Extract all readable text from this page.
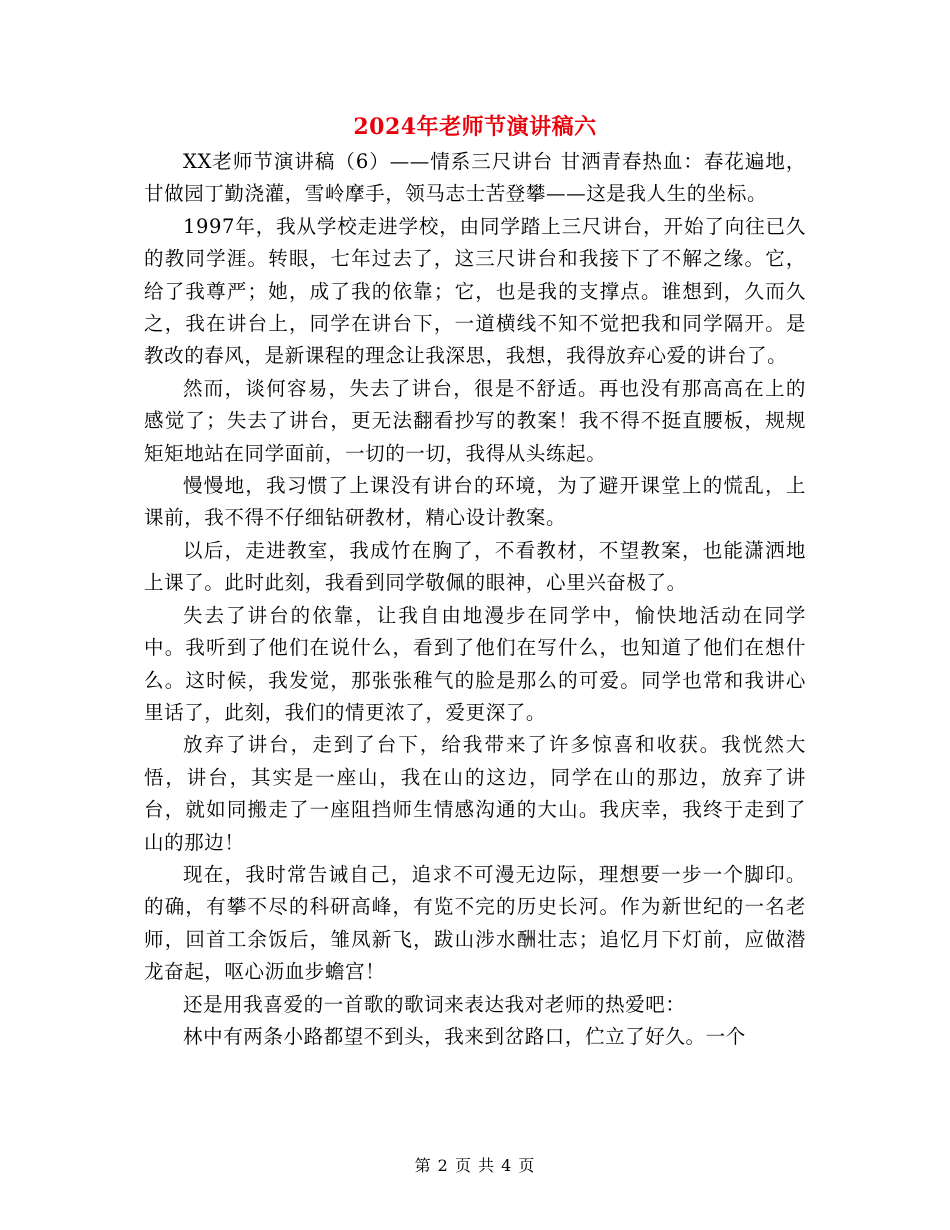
2024年老师节演讲稿六

XX老师节演讲稿（6）——情系三尺讲台 甘洒青春热血：春花遍地，甘做园丁勤浇灌，雪岭摩手，领马志士苦登攀——这是我人生的坐标。

1997年，我从学校走进学校，由同学踏上三尺讲台，开始了向往已久的教同学涯。转眼，七年过去了，这三尺讲台和我接下了不解之缘。它，给了我尊严；她，成了我的依靠；它，也是我的支撑点。谁想到，久而久之，我在讲台上，同学在讲台下，一道横线不知不觉把我和同学隔开。是教改的春风，是新课程的理念让我深思，我想，我得放弃心爱的讲台了。

然而，谈何容易，失去了讲台，很是不舒适。再也没有那高高在上的感觉了；失去了讲台，更无法翻看抄写的教案！我不得不挺直腰板，规规矩矩地站在同学面前，一切的一切，我得从头练起。

慢慢地，我习惯了上课没有讲台的环境，为了避开课堂上的慌乱，上课前，我不得不仔细钻研教材，精心设计教案。

以后，走进教室，我成竹在胸了，不看教材，不望教案，也能潇洒地上课了。此时此刻，我看到同学敬佩的眼神，心里兴奋极了。

失去了讲台的依靠，让我自由地漫步在同学中，愉快地活动在同学中。我听到了他们在说什么，看到了他们在写什么，也知道了他们在想什么。这时候，我发觉，那张张稚气的脸是那么的可爱。同学也常和我讲心里话了，此刻，我们的情更浓了，爱更深了。

放弃了讲台，走到了台下，给我带来了许多惊喜和收获。我恍然大悟，讲台，其实是一座山，我在山的这边，同学在山的那边，放弃了讲台，就如同搬走了一座阻挡师生情感沟通的大山。我庆幸，我终于走到了山的那边！

现在，我时常告诫自己，追求不可漫无边际，理想要一步一个脚印。的确，有攀不尽的科研高峰，有览不完的历史长河。作为新世纪的一名老师，回首工余饭后，雏凤新飞，跋山涉水酬壮志；追忆月下灯前，应做潜龙奋起，呕心沥血步蟾宫！

还是用我喜爱的一首歌的歌词来表达我对老师的热爱吧：

林中有两条小路都望不到头，我来到岔路口，伫立了好久。一个

第 2 页 共 4 页
